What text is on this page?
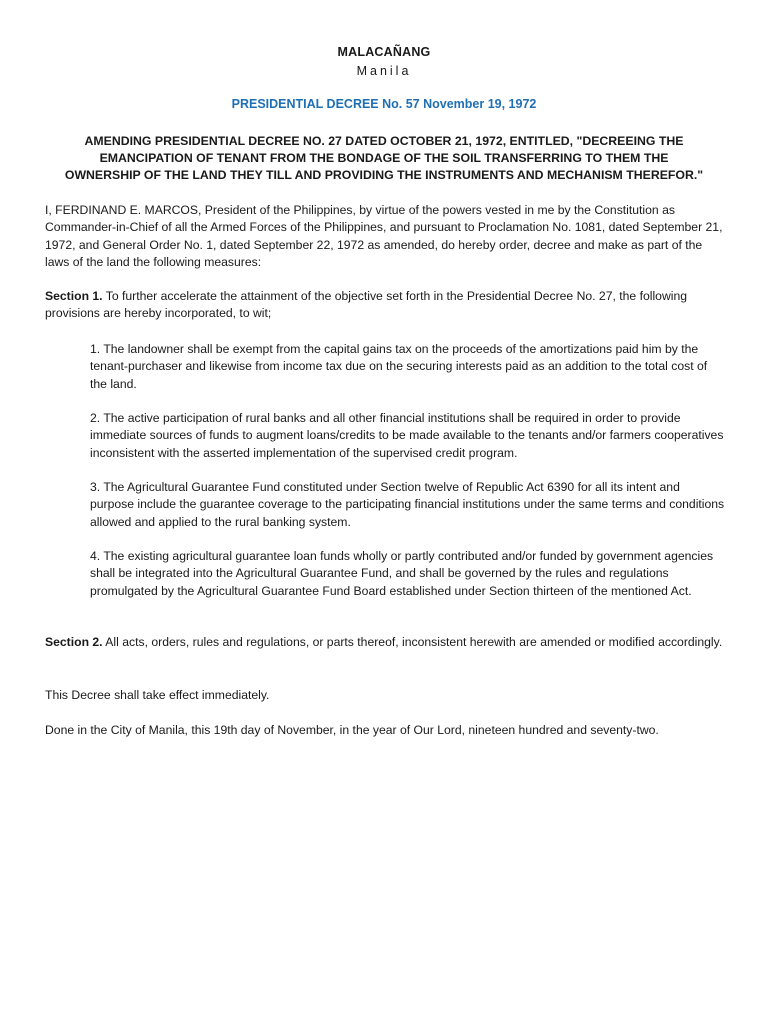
MALACAÑANG
Manila
PRESIDENTIAL DECREE No. 57 November 19, 1972
AMENDING PRESIDENTIAL DECREE NO. 27 DATED OCTOBER 21, 1972, ENTITLED, "DECREEING THE EMANCIPATION OF TENANT FROM THE BONDAGE OF THE SOIL TRANSFERRING TO THEM THE OWNERSHIP OF THE LAND THEY TILL AND PROVIDING THE INSTRUMENTS AND MECHANISM THEREFOR."
I, FERDINAND E. MARCOS, President of the Philippines, by virtue of the powers vested in me by the Constitution as Commander-in-Chief of all the Armed Forces of the Philippines, and pursuant to Proclamation No. 1081, dated September 21, 1972, and General Order No. 1, dated September 22, 1972 as amended, do hereby order, decree and make as part of the laws of the land the following measures:
Section 1. To further accelerate the attainment of the objective set forth in the Presidential Decree No. 27, the following provisions are hereby incorporated, to wit;
1. The landowner shall be exempt from the capital gains tax on the proceeds of the amortizations paid him by the tenant-purchaser and likewise from income tax due on the securing interests paid as an addition to the total cost of the land.
2. The active participation of rural banks and all other financial institutions shall be required in order to provide immediate sources of funds to augment loans/credits to be made available to the tenants and/or farmers cooperatives inconsistent with the asserted implementation of the supervised credit program.
3. The Agricultural Guarantee Fund constituted under Section twelve of Republic Act 6390 for all its intent and purpose include the guarantee coverage to the participating financial institutions under the same terms and conditions allowed and applied to the rural banking system.
4. The existing agricultural guarantee loan funds wholly or partly contributed and/or funded by government agencies shall be integrated into the Agricultural Guarantee Fund, and shall be governed by the rules and regulations promulgated by the Agricultural Guarantee Fund Board established under Section thirteen of the mentioned Act.
Section 2. All acts, orders, rules and regulations, or parts thereof, inconsistent herewith are amended or modified accordingly.
This Decree shall take effect immediately.
Done in the City of Manila, this 19th day of November, in the year of Our Lord, nineteen hundred and seventy-two.
